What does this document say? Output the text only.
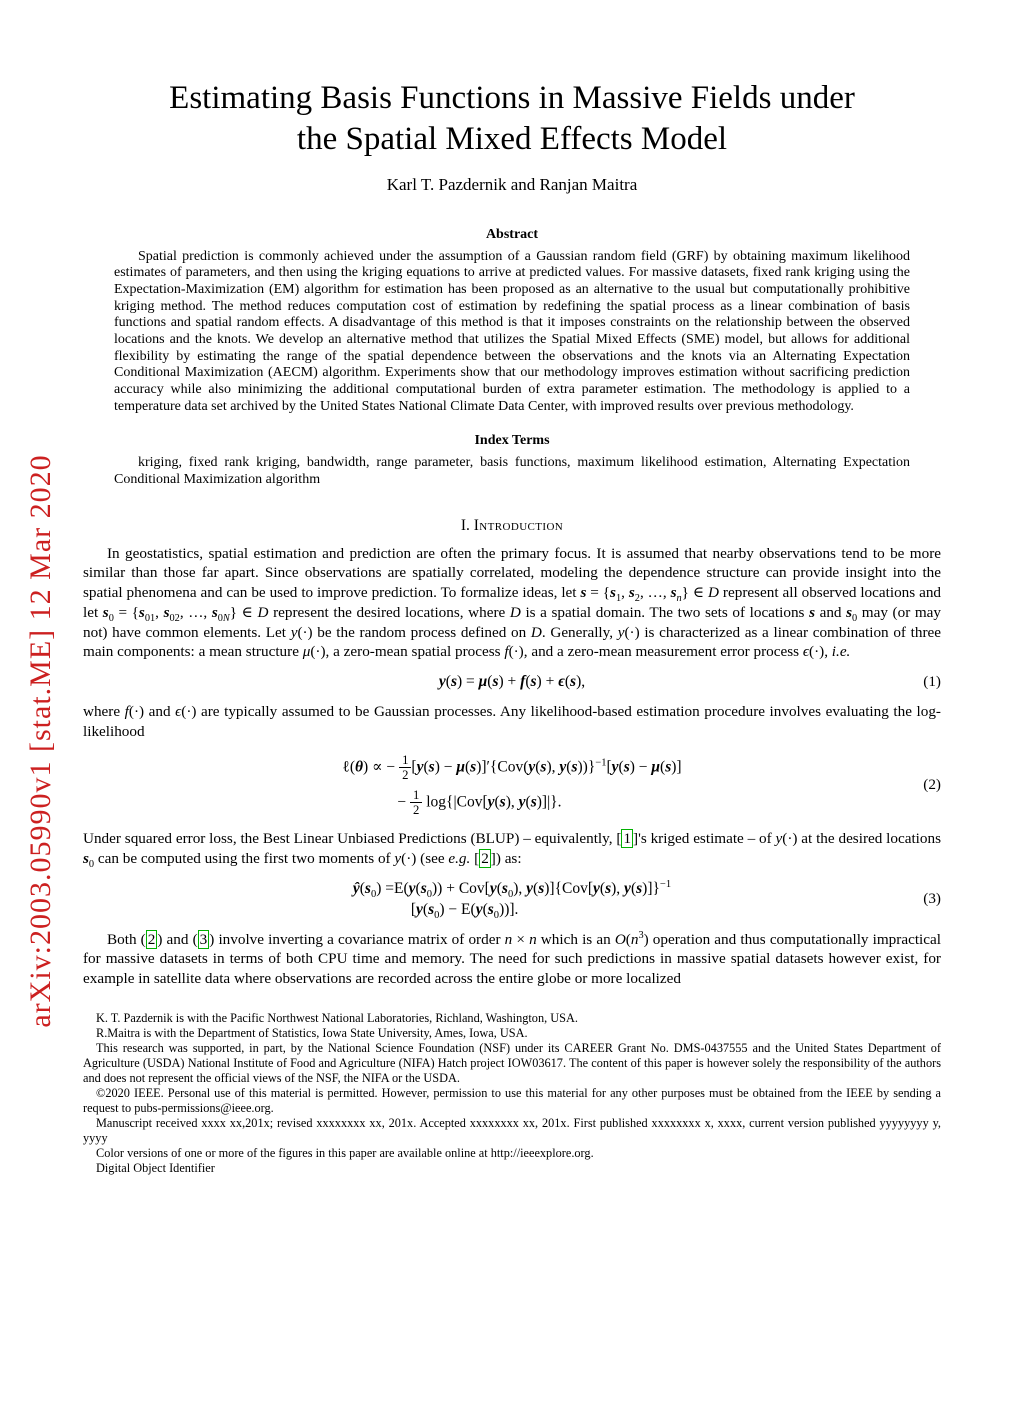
arXiv:2003.05990v1 [stat.ME] 12 Mar 2020
Estimating Basis Functions in Massive Fields under
the Spatial Mixed Effects Model
Karl T. Pazdernik and Ranjan Maitra
Abstract

Spatial prediction is commonly achieved under the assumption of a Gaussian random field (GRF) by obtaining maximum likelihood estimates of parameters, and then using the kriging equations to arrive at predicted values. For massive datasets, fixed rank kriging using the Expectation-Maximization (EM) algorithm for estimation has been proposed as an alternative to the usual but computationally prohibitive kriging method. The method reduces computation cost of estimation by redefining the spatial process as a linear combination of basis functions and spatial random effects. A disadvantage of this method is that it imposes constraints on the relationship between the observed locations and the knots. We develop an alternative method that utilizes the Spatial Mixed Effects (SME) model, but allows for additional flexibility by estimating the range of the spatial dependence between the observations and the knots via an Alternating Expectation Conditional Maximization (AECM) algorithm. Experiments show that our methodology improves estimation without sacrificing prediction accuracy while also minimizing the additional computational burden of extra parameter estimation. The methodology is applied to a temperature data set archived by the United States National Climate Data Center, with improved results over previous methodology.

Index Terms

kriging, fixed rank kriging, bandwidth, range parameter, basis functions, maximum likelihood estimation, Alternating Expectation Conditional Maximization algorithm

I. Introduction

In geostatistics, spatial estimation and prediction are often the primary focus. It is assumed that nearby observations tend to be more similar than those far apart. Since observations are spatially correlated, modeling the dependence structure can provide insight into the spatial phenomena and can be used to improve prediction. To formalize ideas, let $s = \{s_1$, $s_2$, …, $s_n$} ∈ D represent all observed locations and let $s_0 = \{s_{01}$, $s_{02}$, …, $s_{0N}$} ∈ D represent the desired locations, where D is a spatial domain. The two sets of locations s and $s_0$ may (or may not) have common elements. Let y(·) be the random process defined on D. Generally, y(·) is characterized as a linear combination of three main components: a mean structure μ(·), a zero-mean spatial process f(·), and a zero-mean measurement error process ϵ(·), i.e.

y(s) = μ(s) + f(s) + ϵ(s),	(1)

where f(·) and ϵ(·) are typically assumed to be Gaussian processes. Any likelihood-based estimation procedure involves evaluating the log-likelihood

ℓ(θ) ∝ − $\frac{1}{2} [y(s) - \mu(s)]'\{Cov(y(s)$, y(s))}$^{-1}$[y(s) − μ(s)]
− $\frac{1}{2} \log\{|Cov[y(s)$, y(s)]|}.
(2)

Under squared error loss, the Best Linear Unbiased Predictions (BLUP) – equivalently, [ 1 ]'s kriged estimate – of y(·) at the desired locations $s_0$ can be computed using the first two moments of y(·) (see e.g. [ 2 ]) as:

$ŷ(s_0) =E(y(s_0)) + Cov[y(s_0)$, y(s)]{Cov[y(s), y(s)]}$^{-1}$
$[y(s_0) - E(y(s_0))]$.
(3)

Both ( 2 ) and ( 3 ) involve inverting a covariance matrix of order n × n which is an $O(n^3)$ operation and thus computationally impractical for massive datasets in terms of both CPU time and memory. The need for such predictions in massive spatial datasets however exist, for example in satellite data where observations are recorded across the entire globe or more localized

K. T. Pazdernik is with the Pacific Northwest National Laboratories, Richland, Washington, USA.

R.Maitra is with the Department of Statistics, Iowa State University, Ames, Iowa, USA.

This research was supported, in part, by the National Science Foundation (NSF) under its CAREER Grant No. DMS-0437555 and the United States Department of Agriculture (USDA) National Institute of Food and Agriculture (NIFA) Hatch project IOW03617. The content of this paper is however solely the responsibility of the authors and does not represent the official views of the NSF, the NIFA or the USDA.

©2020 IEEE. Personal use of this material is permitted. However, permission to use this material for any other purposes must be obtained from the IEEE by sending a request to pubs-permissions@ieee.org.

Manuscript received xxxx xx,201x; revised xxxxxxxx xx, 201x. Accepted xxxxxxxx xx, 201x. First published xxxxxxxx x, xxxx, current version published yyyyyyyy y, yyyy

Color versions of one or more of the figures in this paper are available online at http://ieeexplore.org.

Digital Object Identifier
